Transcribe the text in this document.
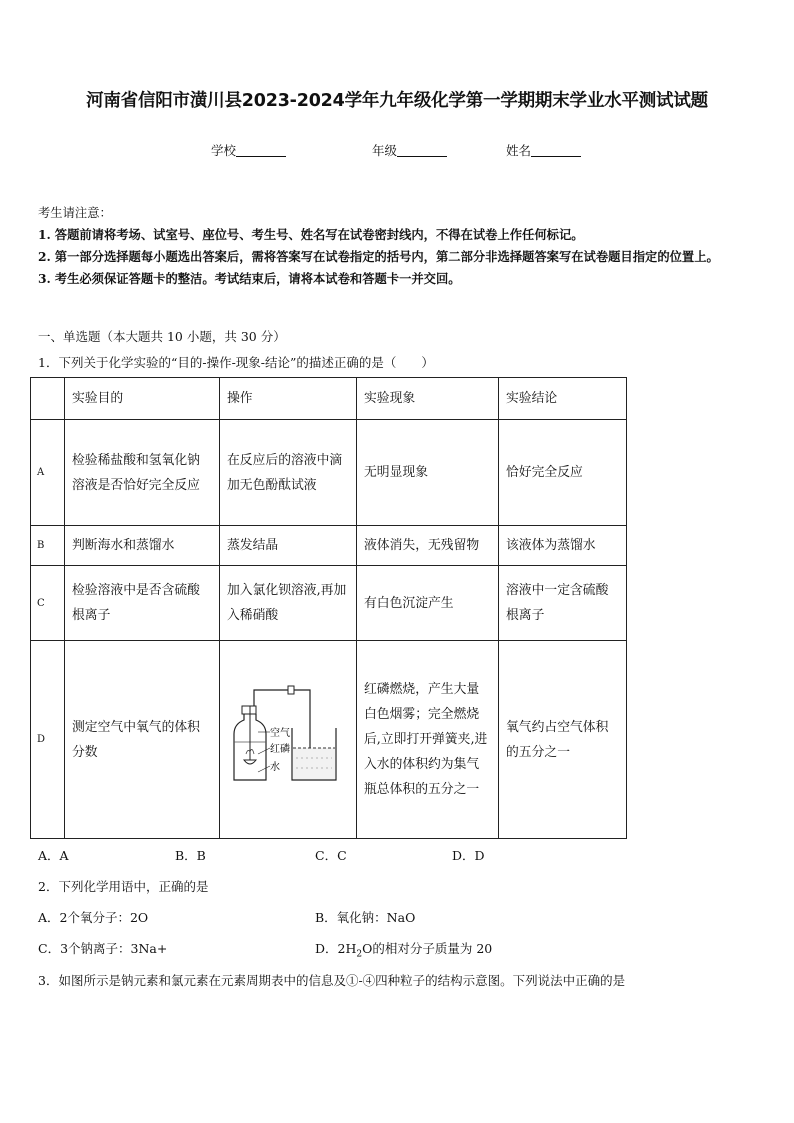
河南省信阳市潢川县2023-2024学年九年级化学第一学期期末学业水平测试试题
学校	年级	姓名
考生请注意：
1. 答题前请将考场、试室号、座位号、考生号、姓名写在试卷密封线内，不得在试卷上作任何标记。
2. 第一部分选择题每小题选出答案后，需将答案写在试卷指定的括号内，第二部分非选择题答案写在试卷题目指定的位置上。
3. 考生必须保证答题卡的整洁。考试结束后，请将本试卷和答题卡一并交回。
一、单选题（本大题共 10 小题，共 30 分）
1．下列关于化学实验的“目的-操作-现象-结论”的描述正确的是（　　）
	实验目的	操作	实验现象	实验结论
A	检验稀盐酸和氢氧化钠溶液是否恰好完全反应	在反应后的溶液中滴加无色酚酞试液	无明显现象	恰好完全反应
B	判断海水和蒸馏水	蒸发结晶	液体消失，无残留物	该液体为蒸馏水
C	检验溶液中是否含硫酸根离子	加入氯化钡溶液,再加入稀硝酸	有白色沉淀产生	溶液中一定含硫酸根离子
D	测定空气中氧气的体积分数	空气
红磷
水	红磷燃烧，产生大量白色烟雾；完全燃烧后,立即打开弹簧夹,进入水的体积约为集气瓶总体积的五分之一	氧气约占空气体积的五分之一
A．A	B．B	C．C	D．D
2．下列化学用语中，正确的是
A．2个氧分子：2O	B．氧化钠：NaO
C．3个钠离子：3Na+	D．$2H_2O$的相对分子质量为 20
3．如图所示是钠元素和氯元素在元素周期表中的信息及①-④四种粒子的结构示意图。下列说法中正确的是
